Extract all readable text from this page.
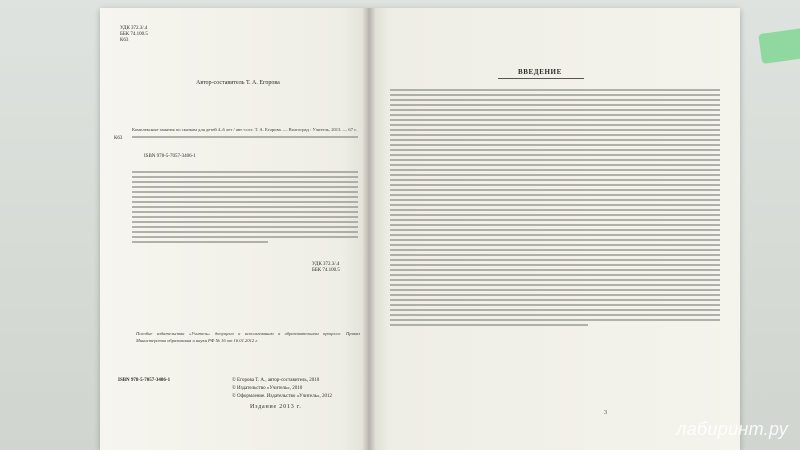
УДК 372.3/.4
ББК 74.100.5
К63
Автор-составитель Т. А. Егорова
К63
Комплексные занятия по сказкам для детей 4–6 лет / авт.-сост. Т. А. Егорова. — Волгоград : Учитель, 2013. — 67 с.
ISBN 978-5-7057-3406-1
УДК 372.3/.4
ББК 74.100.5
Пособие издательства «Учитель» допущено к использованию в образовательном процессе. Приказ Министерства образования и науки РФ № 16 от 16.01.2012 г.
ISBN 978-5-7057-3406-1	© Егорова Т. А., автор-составитель, 2010
© Издательство «Учитель», 2010
© Оформление. Издательство «Учитель», 2012
Издание 2013 г.
ВВЕДЕНИЕ
3
лабиринт.ру
